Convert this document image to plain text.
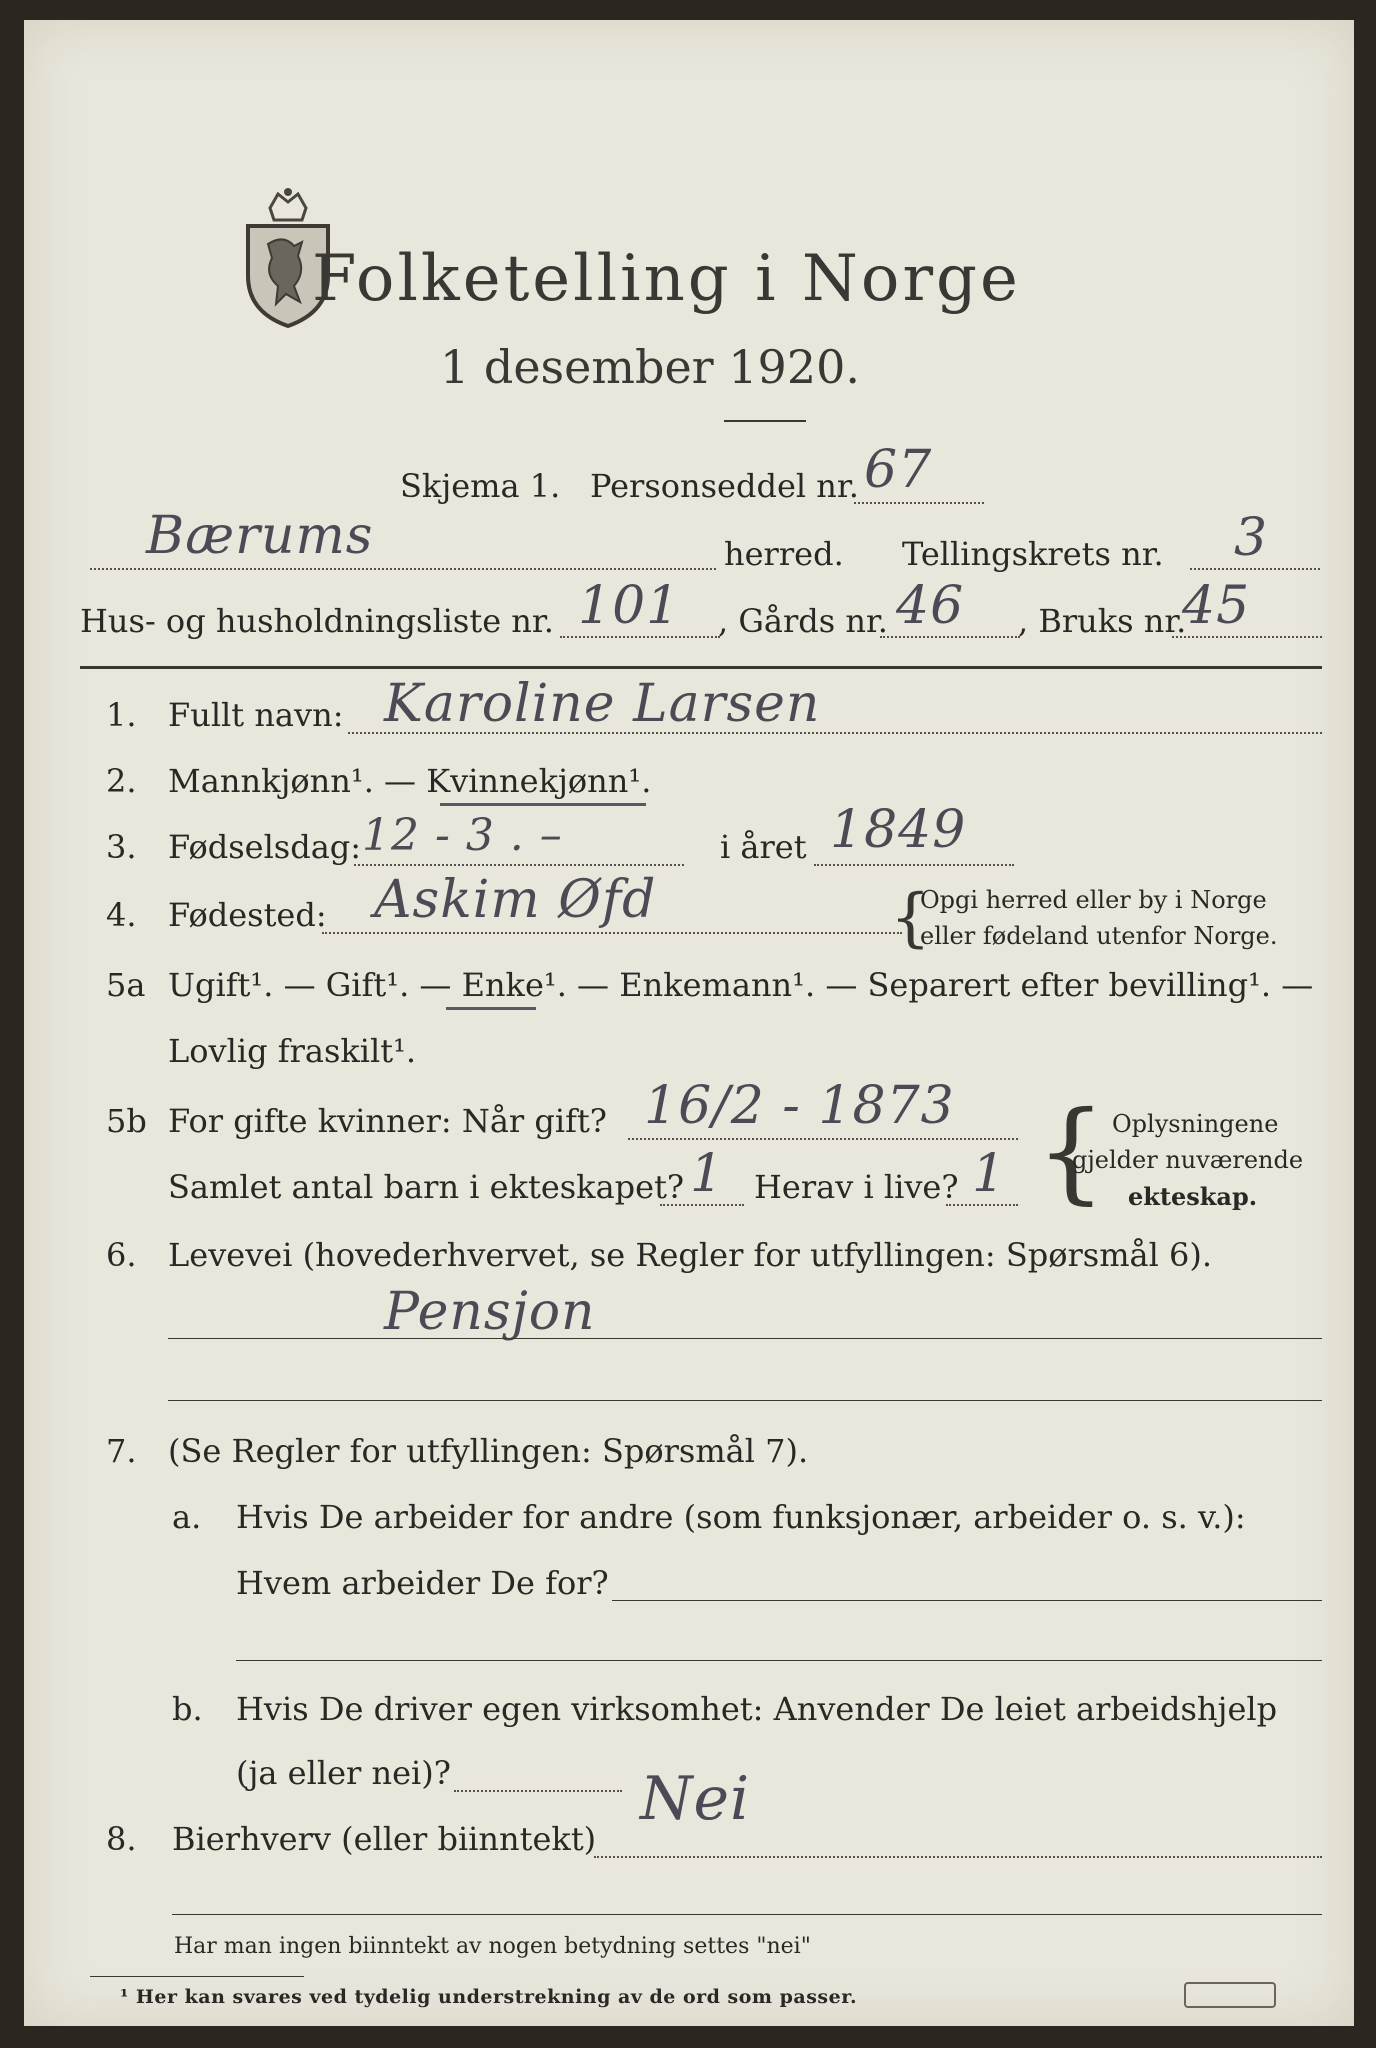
Folketelling i Norge
1 desember 1920.
Skjema 1. Personseddel nr. 67
Bærums	herred. Tellingskrets nr. 3
Hus- og husholdningsliste nr. 101 , Gårds nr. 46 , Bruks nr.
45
1. Fullt navn: Karoline Larsen
2. Mannkjønn¹. — Kvinnekjønn¹.
3. Fødselsdag: 12 - 3 . –	i året 1849
4. Fødested: Askim Øfd	{
Opgi herred eller by i Norge
eller fødeland utenfor Norge.
5a Ugift¹. — Gift¹. — Enke¹. — Enkemann¹. — Separert efter bevilling¹. —
Lovlig fraskilt¹.
5b For gifte kvinner: Når gift? 16/2 - 1873
Samlet antal barn i ekteskapet? 1 Herav i live? 1 { Oplysningene
gjelder nuværende
ekteskap.
6. Levevei (hovederhvervet, se Regler for utfyllingen: Spørsmål 6).
Pensjon
7. (Se Regler for utfyllingen: Spørsmål 7).
a. Hvis De arbeider for andre (som funksjonær, arbeider o. s. v.):
Hvem arbeider De for?
b. Hvis De driver egen virksomhet: Anvender De leiet arbeidshjelp
(ja eller nei)?
8. Bierhverv (eller biinntekt)
Nei
Har man ingen biinntekt av nogen betydning settes "nei"
¹ Her kan svares ved tydelig understrekning av de ord som passer.
